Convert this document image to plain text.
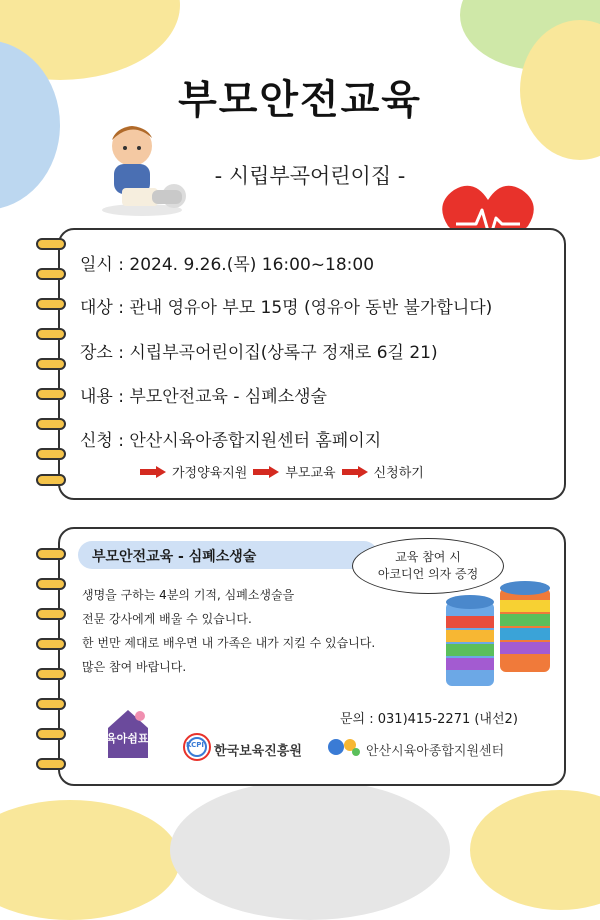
부모안전교육
- 시립부곡어린이집 -
일시 : 2024. 9.26.(목) 16:00~18:00
대상 : 관내 영유아 부모 15명 (영유아 동반 불가합니다)
장소 : 시립부곡어린이집(상록구 정재로 6길 21)
내용 : 부모안전교육 - 심폐소생술
신청 : 안산시육아종합지원센터 홈페이지
가정양육지원	부모교육	신청하기
부모안전교육 - 심폐소생술
생명을 구하는 4분의 기적, 심폐소생술을
전문 강사에게 배울 수 있습니다.
한 번만 제대로 배우면 내 가족은 내가 지킬 수 있습니다.
많은 참여 바랍니다.
교육 참여 시
아코디언 의자 증정
문의 : 031)415-2271 (내선2)
육아쉼표	KCPI 한국보육진흥원	안산시육아종합지원센터
